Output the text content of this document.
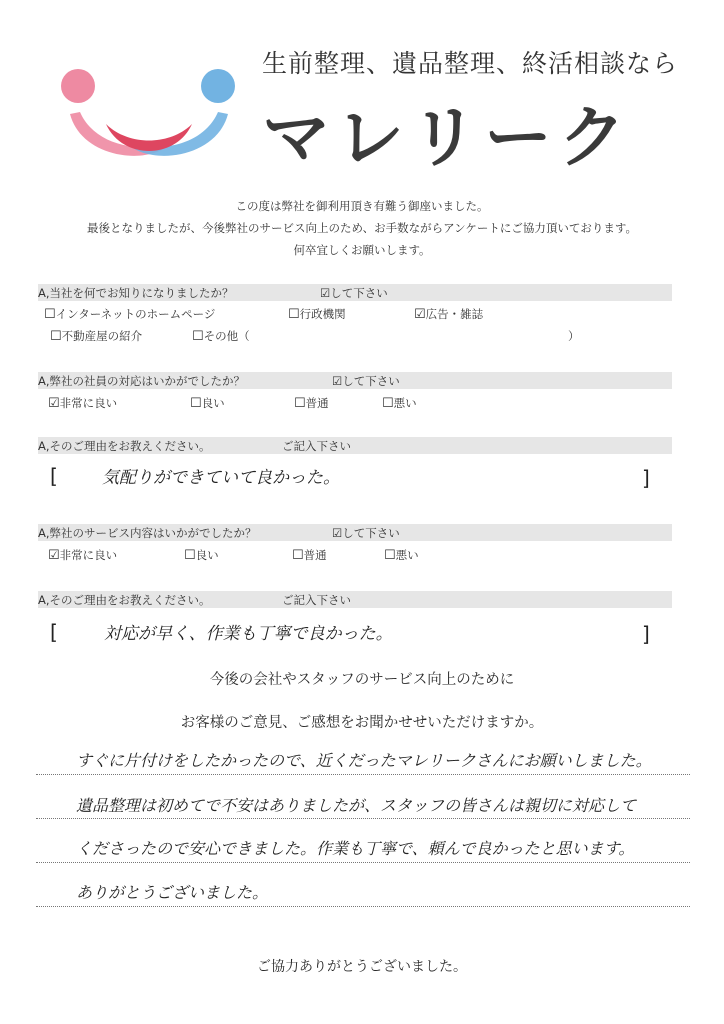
生前整理、遺品整理、終活相談なら
マレリーク
この度は弊社を御利用頂き有難う御座いました。
最後となりましたが、今後弊社のサービス向上のため、お手数ながらアンケートにご協力頂いております。
何卒宜しくお願いします。
A,当社を何でお知りになりましたか？	☑して下さい
☐インターネットのホームページ	☐行政機関	☑広告・雑誌
☐不動産屋の紹介	☐その他（	）
A,弊社の社員の対応はいかがでしたか？	☑して下さい
☑非常に良い	☐良い	☐普通	☐悪い
A,そのご理由をお教えください。	ご記入下さい
[	気配りができていて良かった。	]
A,弊社のサービス内容はいかがでしたか？	☑して下さい
☑非常に良い	☐良い	☐普通	☐悪い
A,そのご理由をお教えください。	ご記入下さい
[	対応が早く、作業も丁寧で良かった。	]
今後の会社やスタッフのサービス向上のために
お客様のご意見、ご感想をお聞かせせいただけますか。
すぐに片付けをしたかったので、近くだったマレリークさんにお願いしました。
遺品整理は初めてで不安はありましたが、スタッフの皆さんは親切に対応して
くださったので安心できました。作業も丁寧で、頼んで良かったと思います。
ありがとうございました。
ご協力ありがとうございました。
